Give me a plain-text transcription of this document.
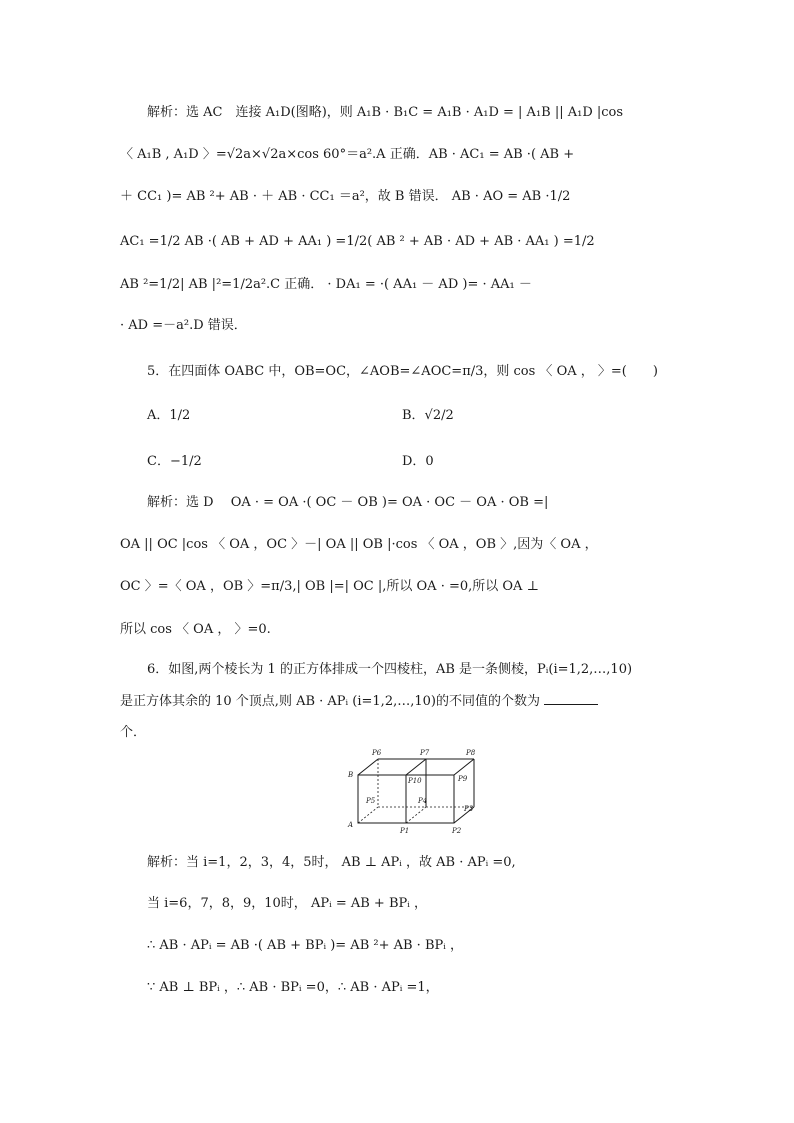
解析：选 AC　连接 A₁D(图略)，则 A₁B · B₁C = A₁B · A₁D = | A₁B || A₁D |cos
〈 A₁B , A₁D 〉=√2a×√2a×cos 60°＝a².A 正确．AB · AC₁ = AB ·( AB +
＋ CC₁ )= AB ²+ AB · ＋ AB · CC₁ ＝a²，故 B 错误． AB · AO = AB ·1/2
AC₁ =1/2 AB ·( AB + AD + AA₁ ) =1/2( AB ² + AB · AD + AB · AA₁ ) =1/2
AB ²=1/2| AB |²=1/2a².C 正确． · DA₁ = ·( AA₁ － AD )= · AA₁ －
· AD =－a².D 错误．
5．在四面体 OABC 中，OB=OC，∠AOB=∠AOC=π/3，则 cos 〈 OA ， 〉=(　　)
A．1/2	B．√2/2
C．−1/2	D．0
解析：选 D　 OA · = OA ·( OC － OB )= OA · OC － OA · OB =|
OA || OC |cos 〈 OA ，OC 〉－| OA || OB |·cos 〈 OA ，OB 〉,因为〈 OA ，
OC 〉=〈 OA ，OB 〉=π/3,| OB |=| OC |,所以 OA · =0,所以 OA ⊥
所以 cos 〈 OA ， 〉=0.
6．如图,两个棱长为 1 的正方体排成一个四棱柱，AB 是一条侧棱，Pᵢ(i=1,2,…,10)
是正方体其余的 10 个顶点,则 AB · APᵢ (i=1,2,…,10)的不同值的个数为
个．
P6	P7	P8
B
P10	P9
P5	P4
P3
A
P1	P2
解析：当 i=1，2，3，4，5时， AB ⊥ APᵢ ，故 AB · APᵢ =0,
当 i=6，7，8，9，10时， APᵢ = AB + BPᵢ ，
∴ AB · APᵢ = AB ·( AB + BPᵢ )= AB ²+ AB · BPᵢ ，
∵ AB ⊥ BPᵢ ，∴ AB · BPᵢ =0，∴ AB · APᵢ =1，
